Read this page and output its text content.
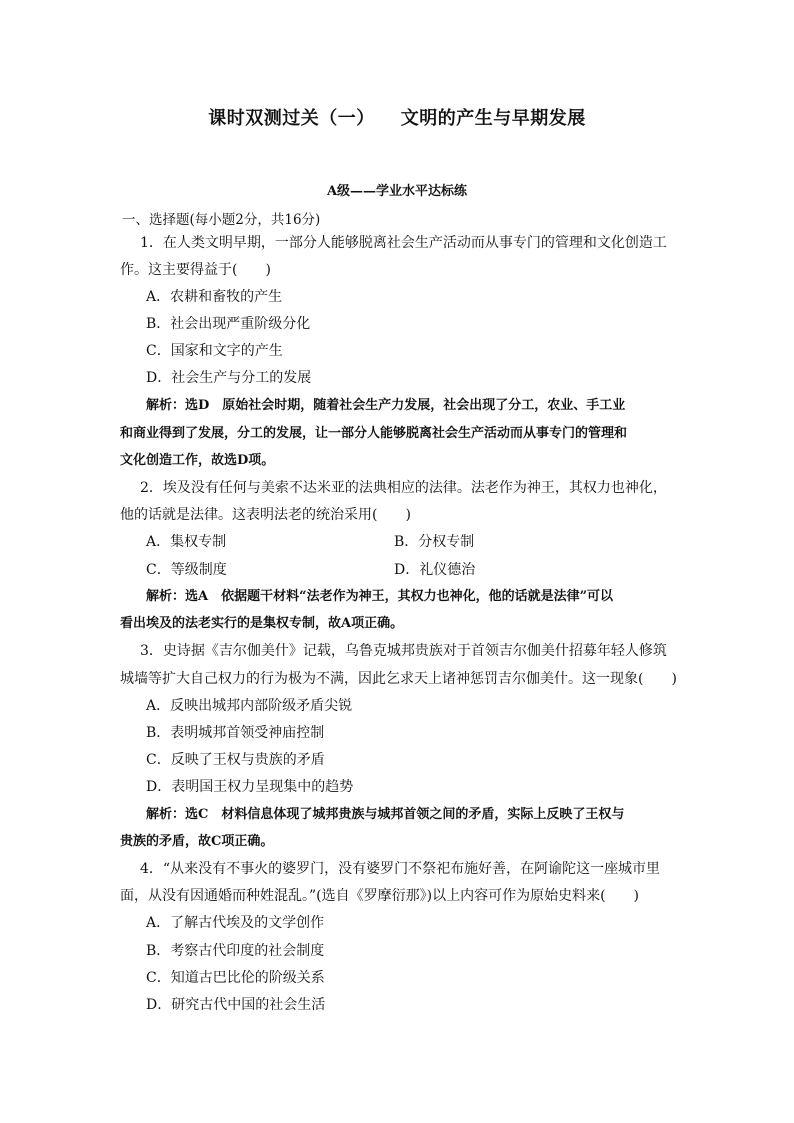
课时双测过关（一） 文明的产生与早期发展
A级——学业水平达标练
一、选择题(每小题2分，共16分)
1．在人类文明早期，一部分人能够脱离社会生产活动而从事专门的管理和文化创造工
作。这主要得益于(　　)
A．农耕和畜牧的产生
B．社会出现严重阶级分化
C．国家和文字的产生
D．社会生产与分工的发展
解析：选D　原始社会时期，随着社会生产力发展，社会出现了分工，农业、手工业
和商业得到了发展，分工的发展，让一部分人能够脱离社会生产活动而从事专门的管理和
文化创造工作，故选D项。
2．埃及没有任何与美索不达米亚的法典相应的法律。法老作为神王，其权力也神化，
他的话就是法律。这表明法老的统治采用(　　)
A．集权专制	B．分权专制
C．等级制度	D．礼仪德治
解析：选A　依据题干材料“法老作为神王，其权力也神化，他的话就是法律”可以
看出埃及的法老实行的是集权专制，故A项正确。
3．史诗据《吉尔伽美什》记载，乌鲁克城邦贵族对于首领吉尔伽美什招募年轻人修筑
城墙等扩大自己权力的行为极为不满，因此乞求天上诸神惩罚吉尔伽美什。这一现象(　　)
A．反映出城邦内部阶级矛盾尖锐
B．表明城邦首领受神庙控制
C．反映了王权与贵族的矛盾
D．表明国王权力呈现集中的趋势
解析：选C　材料信息体现了城邦贵族与城邦首领之间的矛盾，实际上反映了王权与
贵族的矛盾，故C项正确。
4．“从来没有不事火的婆罗门，没有婆罗门不祭祀布施好善，在阿谕陀这一座城市里
面，从没有因通婚而种姓混乱。”(选自《罗摩衍那》)以上内容可作为原始史料来(　　)
A．了解古代埃及的文学创作
B．考察古代印度的社会制度
C．知道古巴比伦的阶级关系
D．研究古代中国的社会生活
